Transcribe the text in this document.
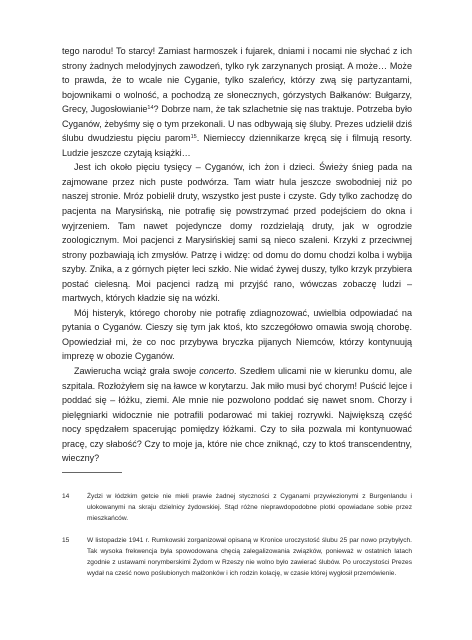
tego narodu! To starcy! Zamiast harmoszek i fujarek, dniami i nocami nie słychać z ich strony żadnych melodyjnych zawodzeń, tylko ryk zarzynanych prosiąt. A może… Może to prawda, że to wcale nie Cyganie, tylko szaleńcy, którzy zwą się partyzantami, bojownikami o wolność, a pochodzą ze słonecznych, górzystych Bałkanów: Bułgarzy, Grecy, Jugosłowianie$^{14}$? Dobrze nam, że tak szlachetnie się nas traktuje. Potrzeba było Cyganów, żebyśmy się o tym przekonali. U nas odbywają się śluby. Prezes udzielił dziś ślubu dwudziestu pięciu parom$^{15}$. Niemieccy dziennikarze kręcą się i filmują resorty. Ludzie jeszcze czytają książki…

Jest ich około pięciu tysięcy – Cyganów, ich żon i dzieci. Świeży śnieg pada na zajmowane przez nich puste podwórza. Tam wiatr hula jeszcze swobodniej niż po naszej stronie. Mróz pobielił druty, wszystko jest puste i czyste. Gdy tylko zachodzę do pacjenta na Marysińską, nie potrafię się powstrzymać przed podejściem do okna i wyjrzeniem. Tam nawet pojedyncze domy rozdzielają druty, jak w ogrodzie zoologicznym. Moi pacjenci z Marysińskiej sami są nieco szaleni. Krzyki z przeciwnej strony pozbawiają ich zmysłów. Patrzę i widzę: od domu do domu chodzi kolba i wybija szyby. Znika, a z górnych pięter leci szkło. Nie widać żywej duszy, tylko krzyk przybiera postać cielesną. Moi pacjenci radzą mi przyjść rano, wówczas zobaczę ludzi – martwych, których kładzie się na wózki.

Mój histeryk, którego choroby nie potrafię zdiagnozować, uwielbia odpowiadać na pytania o Cyganów. Cieszy się tym jak ktoś, kto szczegółowo omawia swoją chorobę. Opowiedział mi, że co noc przybywa bryczka pijanych Niemców, którzy kontynuują imprezę w obozie Cyganów.

Zawierucha wciąż grała swoje concerto. Szedłem ulicami nie w kierunku domu, ale szpitala. Rozłożyłem się na ławce w korytarzu. Jak miło musi być chorym! Puścić lejce i poddać się – łóżku, ziemi. Ale mnie nie pozwolono poddać się nawet snom. Chorzy i pielęgniarki widocznie nie potrafili podarować mi takiej rozrywki. Największą część nocy spędzałem spacerując pomiędzy łóżkami. Czy to siła pozwala mi kontynuować pracę, czy słabość? Czy to moje ja, które nie chce zniknąć, czy to ktoś transcendentny, wieczny?

14	Żydzi w łódzkim getcie nie mieli prawie żadnej styczności z Cyganami przywiezionymi z Burgenlandu i ulokowanymi na skraju dzielnicy żydowskiej. Stąd różne nieprawdopodobne plotki opowiadane sobie przez mieszkańców.
15	W listopadzie 1941 r. Rumkowski zorganizował opisaną w Kronice uroczystość ślubu 25 par nowo przybyłych. Tak wysoka frekwencja była spowodowana chęcią zalegalizowania związków, ponieważ w ostatnich latach zgodnie z ustawami norymberskimi Żydom w Rzeszy nie wolno było zawierać ślubów. Po uroczystości Prezes wydał na cześć nowo poślubionych małżonków i ich rodzin kolację, w czasie której wygłosił przemówienie.
